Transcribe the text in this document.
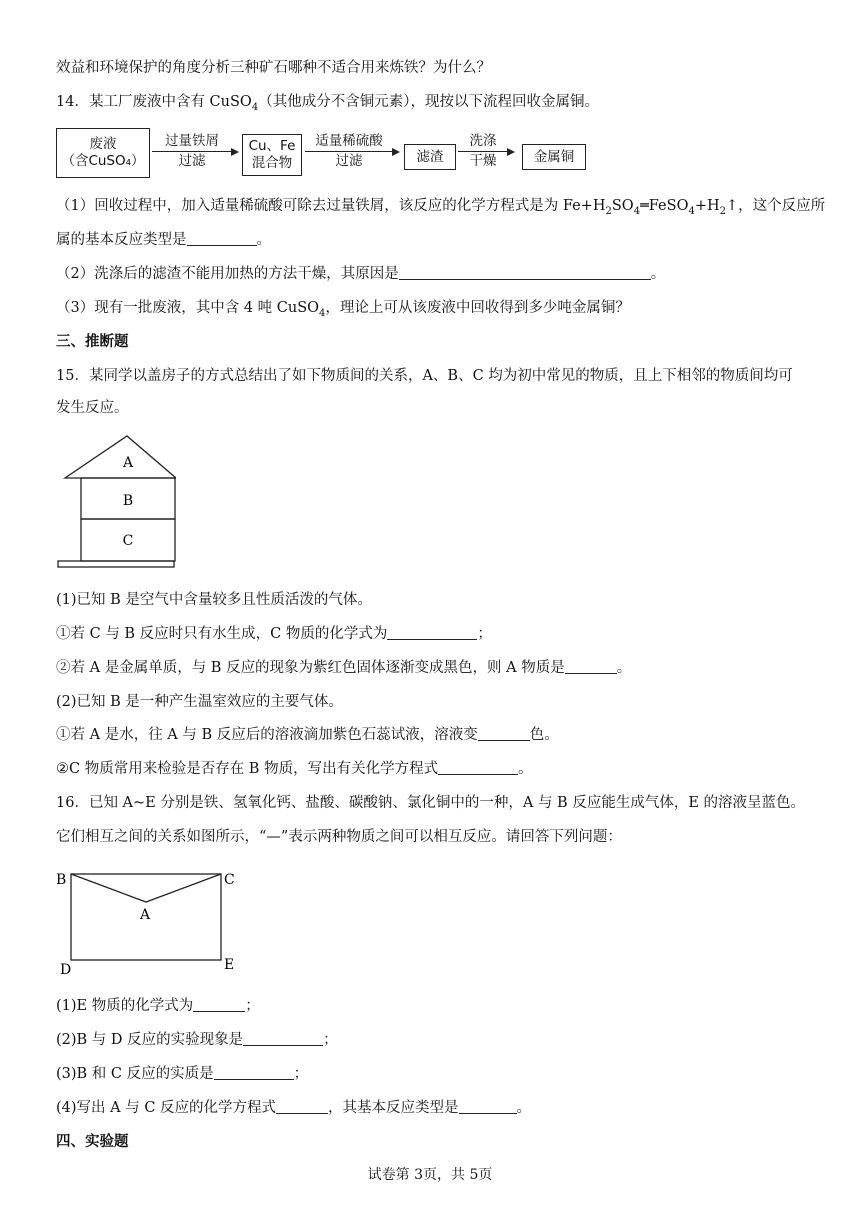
效益和环境保护的角度分析三种矿石哪种不适合用来炼铁？为什么？
14．某工厂废液中含有 CuSO$_4$（其他成分不含铜元素），现按以下流程回收金属铜。
废液
（含CuSO₄）
过量铁屑
过滤
Cu、Fe
混合物
适量稀硫酸
过滤	滤渣
洗涤
干燥	金属铜
（1）回收过程中，加入适量稀硫酸可除去过量铁屑，该反应的化学方程式是为 $Fe+H_2SO_4═FeSO_4+H_2↑$，这个反应所
属的基本反应类型是	。
（2）洗涤后的滤渣不能用加热的方法干燥，其原因是	。
（3）现有一批废液，其中含 4 吨 CuSO$_4$，理论上可从该废液中回收得到多少吨金属铜？
三、推断题
15．某同学以盖房子的方式总结出了如下物质间的关系，A、B、C 均为初中常见的物质，且上下相邻的物质间均可
发生反应。
A
B
C
(1)已知 B 是空气中含量较多且性质活泼的气体。
①若 C 与 B 反应时只有水生成，C 物质的化学式为	；
②若 A 是金属单质，与 B 反应的现象为紫红色固体逐渐变成黑色，则 A 物质是	。
(2)已知 B 是一种产生温室效应的主要气体。
①若 A 是水，往 A 与 B 反应后的溶液滴加紫色石蕊试液，溶液变	色。
②C 物质常用来检验是否存在 B 物质，写出有关化学方程式	。
16．已知 A~E 分别是铁、氢氧化钙、盐酸、碳酸钠、氯化铜中的一种，A 与 B 反应能生成气体，E 的溶液呈蓝色。
它们相互之间的关系如图所示，“—”表示两种物质之间可以相互反应。请回答下列问题：
B	C
A
D	E
(1)E 物质的化学式为	；
(2)B 与 D 反应的实验现象是	；
(3)B 和 C 反应的实质是	；
(4)写出 A 与 C 反应的化学方程式	，其基本反应类型是	。
四、实验题
试卷第 3页，共 5页
